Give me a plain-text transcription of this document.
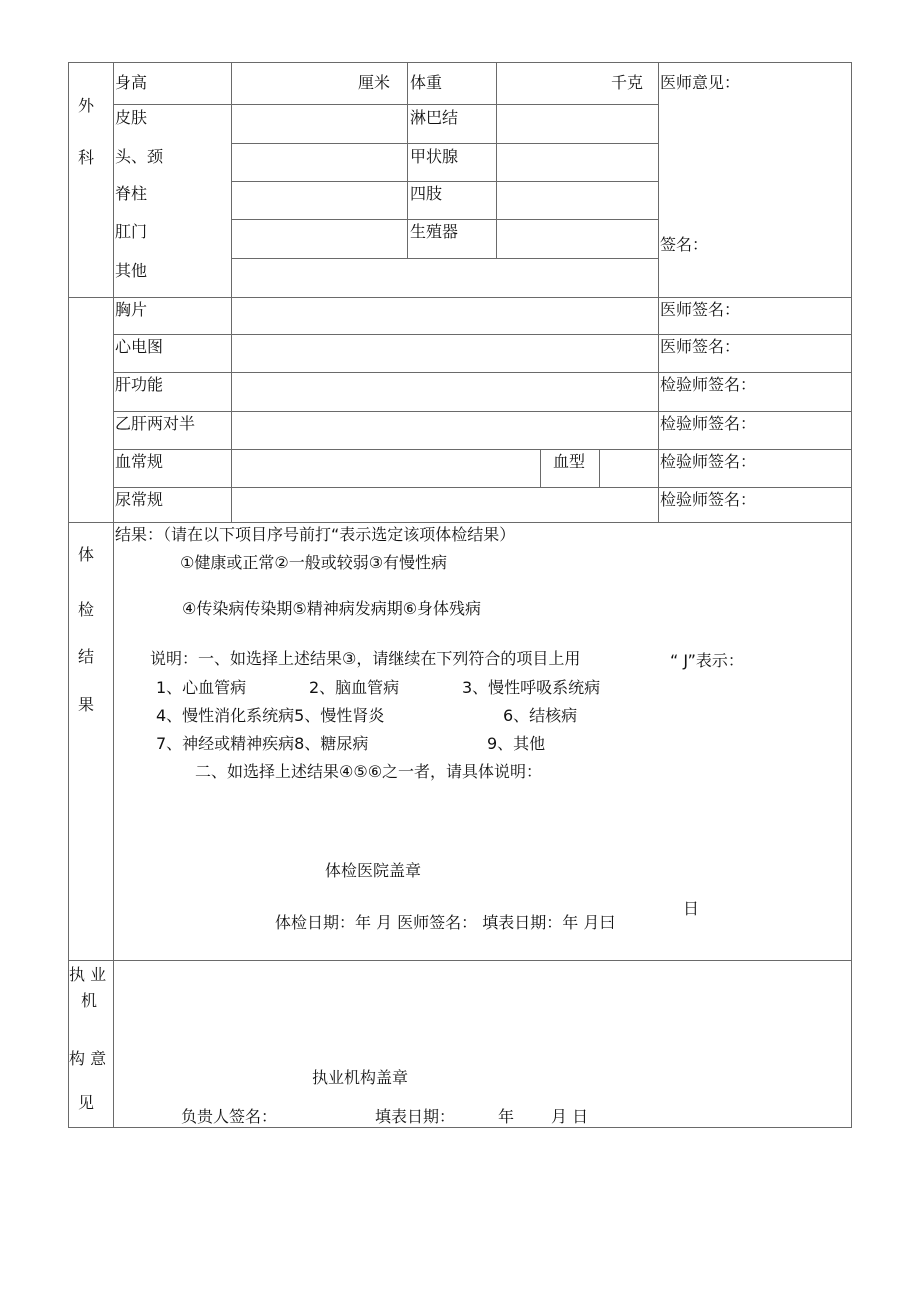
外
科
身高	厘米 体重	千克 医师意见：
皮肤	淋巴结
头、颈	甲状腺
脊柱	四肢
肛门	生殖器
签名：
其他
胸片	医师签名：
心电图	医师签名：
肝功能	检验师签名：
乙肝两对半	检验师签名：
血常规	血型	检验师签名：
尿常规	检验师签名：
体
检
结
果
结果：（请在以下项目序号前打“表示选定该项体检结果）
①健康或正常②一般或较弱③有慢性病
④传染病传染期⑤精神病发病期⑥身体残病
说明：一、如选择上述结果③，请继续在下列符合的项目上用	“ J”表示：
1、心血管病	2、脑血管病	3、慢性呼吸系统病
4、慢性消化系统病5、慢性肾炎	6、结核病
7、神经或精神疾病8、糖尿病	9、其他
二、如选择上述结果④⑤⑥之一者，请具体说明：
体检医院盖章
日
体检日期：年 月 医师签名： 填表日期：年 月曰
执 业
机
构 意
见
执业机构盖章
负贵人签名：	填表日期：	年 月 日
